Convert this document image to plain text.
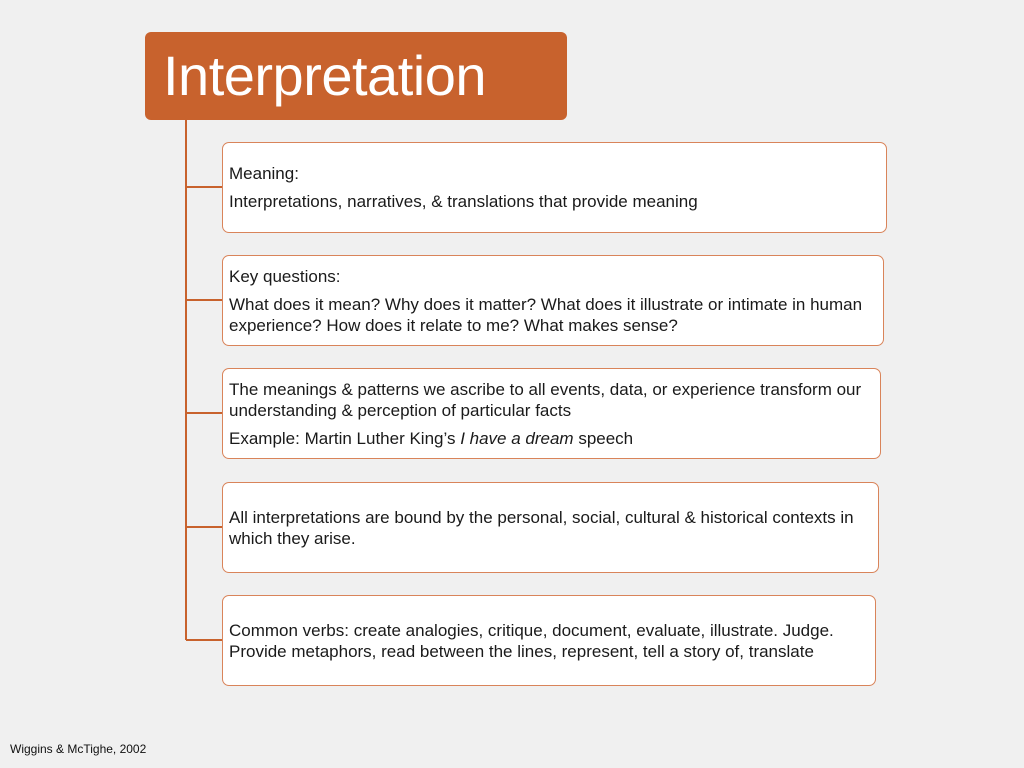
Interpretation

Meaning:

Interpretations, narratives, & translations that provide meaning

Key questions:

What does it mean? Why does it matter? What does it illustrate or intimate in human experience? How does it relate to me? What makes sense?

The meanings & patterns we ascribe to all events, data, or experience transform our understanding & perception of particular facts

Example: Martin Luther King’s I have a dream speech

All interpretations are bound by the personal, social, cultural & historical contexts in which they arise.

Common verbs: create analogies, critique, document, evaluate, illustrate. Judge. Provide metaphors, read between the lines, represent, tell a story of, translate

Wiggins & McTighe, 2002
